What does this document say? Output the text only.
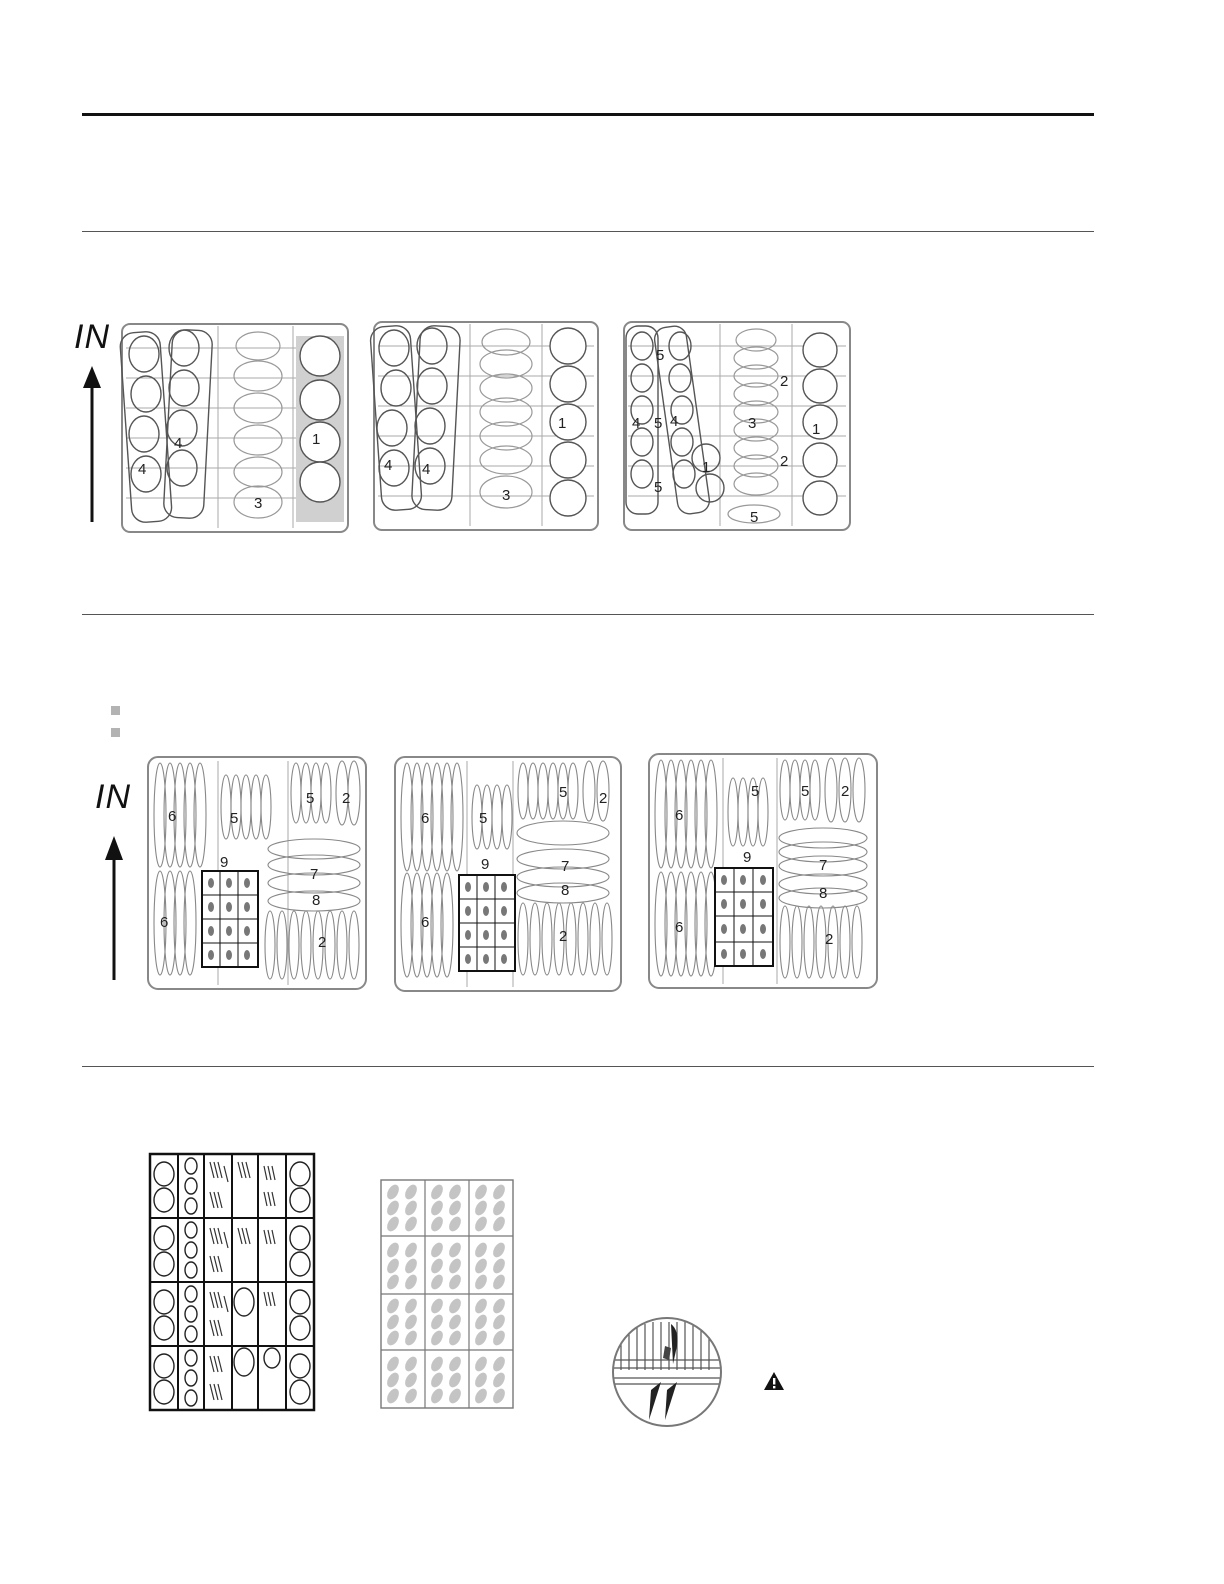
IN
4
4
3
1
4 4
3
1
5
4 5 4
5
1
2
3	1
2
5
IN
6	5
5 2
9
7
8
6
2
6	5
5 2
9	7
8
6
2
6
5	5 2
9	7
8
6
2
